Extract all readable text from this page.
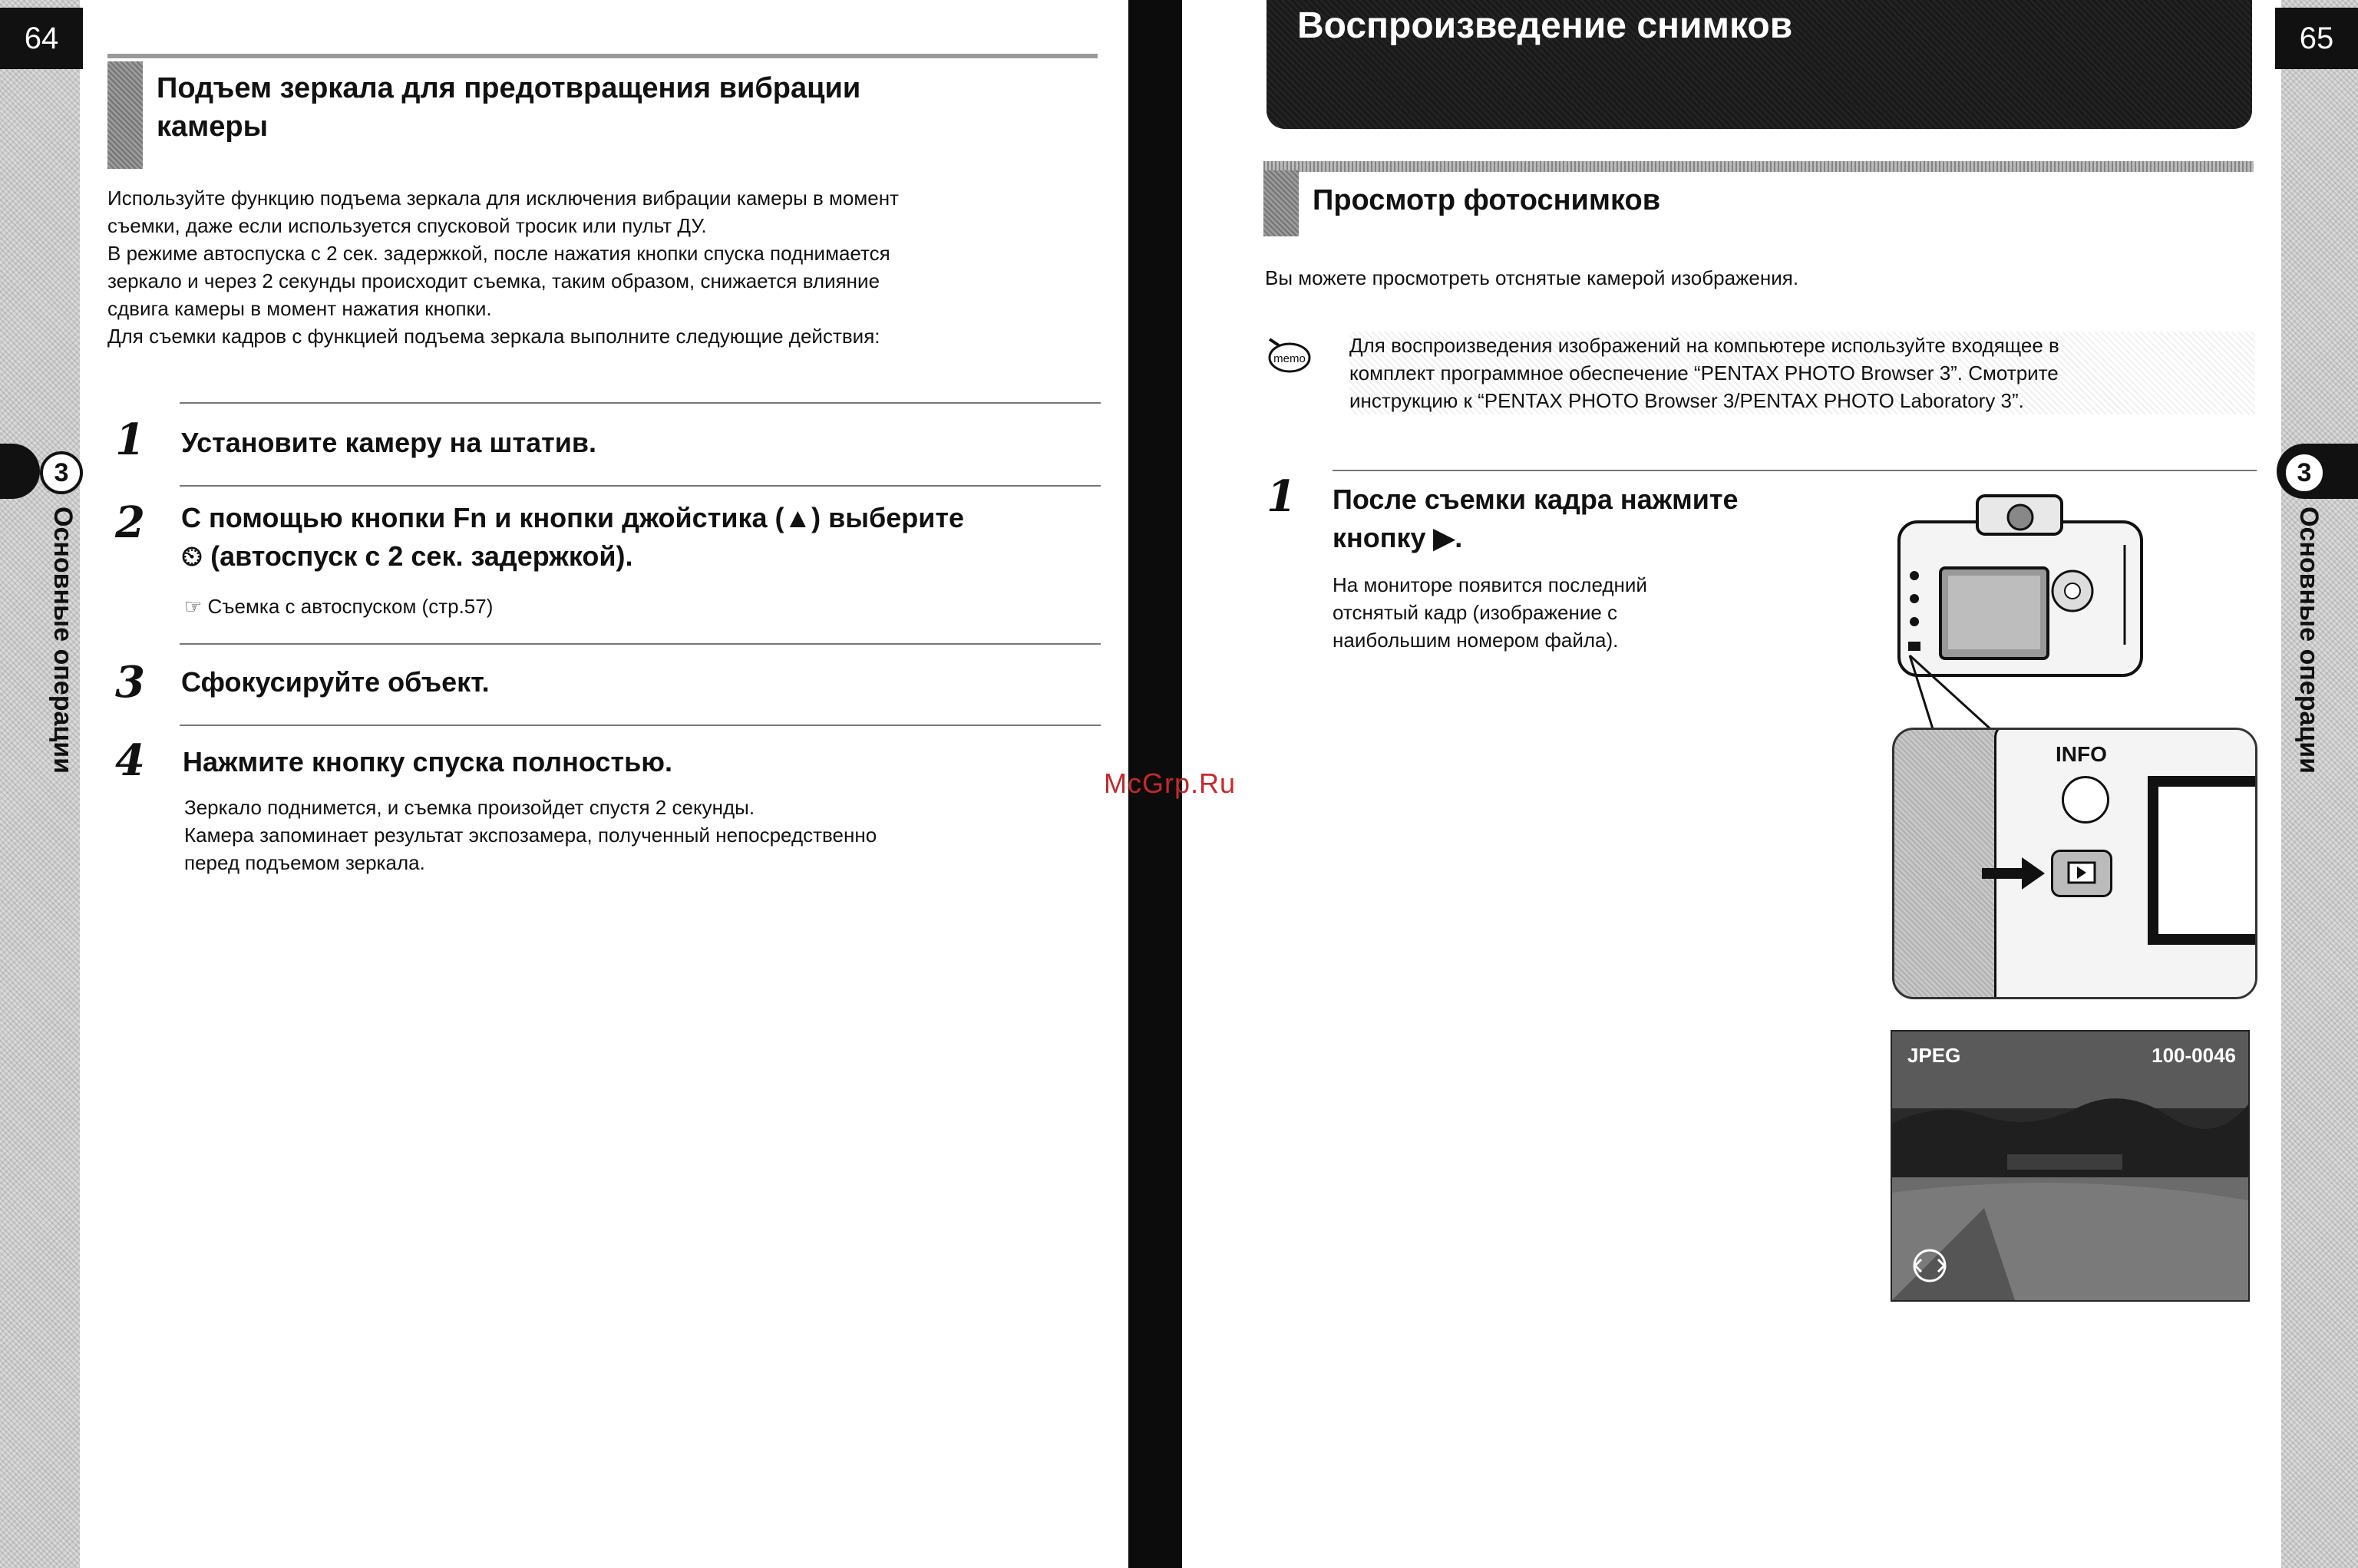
64
3
Основные операции
Подъем зеркала для предотвращения вибрации
камеры
Используйте функцию подъема зеркала для исключения вибрации камеры в момент
съемки, даже если используется спусковой тросик или пульт ДУ.
В режиме автоспуска с 2 сек. задержкой, после нажатия кнопки спуска поднимается
зеркало и через 2 секунды происходит съемка, таким образом, снижается влияние
сдвига камеры в момент нажатия кнопки.
Для съемки кадров с функцией подъема зеркала выполните следующие действия:
1 Установите камеру на штатив.
2 С помощью кнопки Fn и кнопки джойстика (▲) выберите
⏲ (автоспуск с 2 сек. задержкой).
☞ Съемка с автоспуском (стр.57)
3 Сфокусируйте объект.
4 Нажмите кнопку спуска полностью.
Зеркало поднимется, и съемка произойдет спустя 2 секунды.
Камера запоминает результат экспозамера, полученный непосредственно
перед подъемом зеркала.
McGrp.Ru
65
3
Основные операции
Воспроизведение снимков
Просмотр фотоснимков
Вы можете просмотреть отснятые камерой изображения.
memo
Для воспроизведения изображений на компьютере используйте входящее в
комплект программное обеспечение “PENTAX PHOTO Browser 3”. Смотрите
инструкцию к “PENTAX PHOTO Browser 3/PENTAX PHOTO Laboratory 3”.
1 После съемки кадра нажмите
кнопку ▶.
На мониторе появится последний
отснятый кадр (изображение с
наибольшим номером файла).
INFO
JPEG	100-0046
